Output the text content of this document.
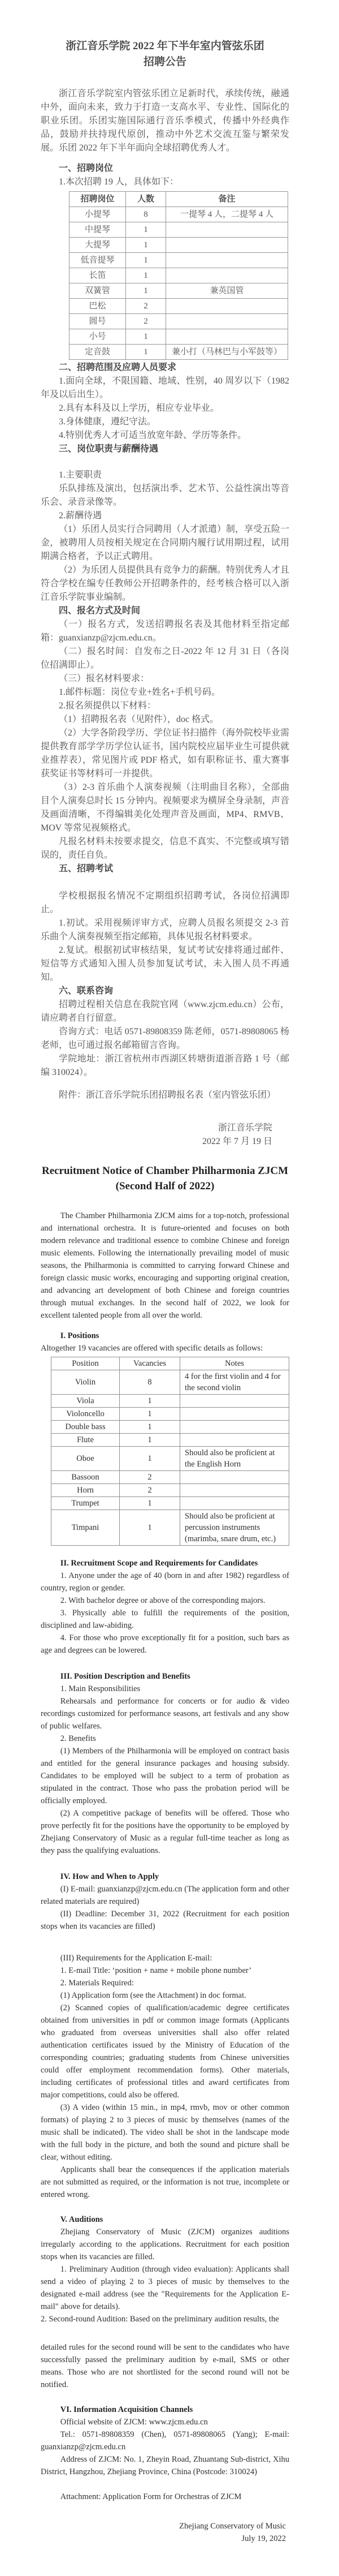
浙江音乐学院 2022 年下半年室内管弦乐团

招聘公告

浙江音乐学院室内管弦乐团立足新时代，承续传统，融通中外，面向未来，致力于打造一支高水平、专业性、国际化的职业乐团。乐团实施国际通行音乐季模式，传播中外经典作品，鼓励并扶持现代原创，推动中外艺术交流互鉴与繁荣发展。乐团 2022 年下半年面向全球招聘优秀人才。

一、招聘岗位

1.本次招聘 19 人，具体如下：

招聘岗位	人数	备注
小提琴	8	一提琴 4 人，二提琴 4 人
中提琴	1	
大提琴	1	
低音提琴	1	
长笛	1	
双簧管	1	兼英国管
巴松	2	
圆号	2	
小号	1	
定音鼓	1	兼小打（马林巴与小军鼓等）

二、招聘范围及应聘人员要求

1.面向全球，不限国籍、地域、性别，40 周岁以下（1982 年及以后出生）。

2.具有本科及以上学历，相应专业毕业。

3.身体健康，遵纪守法。

4.特别优秀人才可适当放宽年龄、学历等条件。

三、岗位职责与薪酬待遇

1.主要职责

乐队排练及演出，包括演出季、艺术节、公益性演出等音乐会、录音录像等。

2.薪酬待遇

（1）乐团人员实行合同聘用（人才派遣）制，享受五险一金，被聘用人员按相关规定在合同期内履行试用期过程，试用期满合格者，予以正式聘用。

（2）为乐团人员提供具有竞争力的薪酬。特别优秀人才且符合学校在编专任教师公开招聘条件的，经考核合格可以入浙江音乐学院事业编制。

四、报名方式及时间

（一）报名方式，发送招聘报名表及其他材料至指定邮箱：guanxianzp@zjcm.edu.cn。

（二）报名时间：自发布之日-2022 年 12 月 31 日（各岗位招满即止）。

（三）报名材料要求：

1.邮件标题：岗位专业+姓名+手机号码。

2.报名须提供以下材料：

（1）招聘报名表（见附件），doc 格式。

（2）大学各阶段学历、学位证书扫描件（海外院校毕业需提供教育部学学历学位认证书，国内院校应届毕业生可提供就业推荐表），常见图片或 PDF 格式，如有职称证书、重大赛事获奖证书等材料可一并提供。

（3）2-3 首乐曲个人演奏视频（注明曲目名称），全部曲目个人演奏总时长 15 分钟内。视频要求为横屏全身录制，声音及画面清晰，不得编辑美化处理声音及画面，MP4、RMVB、MOV 等常见视频格式。

凡报名材料未按要求提交，信息不真实、不完整或填写错误的，责任自负。

五、招聘考试

学校根据报名情况不定期组织招聘考试，各岗位招满即止。

1.初试。采用视频评审方式，应聘人员报名须提交 2-3 首乐曲个人演奏视频至指定邮箱，具体见报名材料要求。

2.复试。根据初试审核结果，复试考试安排将通过邮件、短信等方式通知入围人员参加复试考试，未入围人员不再通知。

六、联系咨询

招聘过程相关信息在我院官网（www.zjcm.edu.cn）公布，请应聘者自行留意。

咨询方式：电话 0571-89808359 陈老师，0571-89808065 杨老师，也可通过报名邮箱留言咨询。

学院地址：浙江省杭州市西湖区转塘街道浙音路 1 号（邮编 310024）。

附件：浙江音乐学院乐团招聘报名表（室内管弦乐团）

浙江音乐学院

2022 年 7 月 19 日

Recruitment Notice of Chamber Philharmonia ZJCM

(Second Half of 2022)

The Chamber Philharmonia ZJCM aims for a top-notch, professional and international orchestra. It is future-oriented and focuses on both modern relevance and traditional essence to combine Chinese and foreign music elements. Following the internationally prevailing model of music seasons, the Philharmonia is committed to carrying forward Chinese and foreign classic music works, encouraging and supporting original creation, and advancing art development of both Chinese and foreign countries through mutual exchanges. In the second half of 2022, we look for excellent talented people from all over the world.

I. Positions

Altogether 19 vacancies are offered with specific details as follows:

Position	Vacancies	Notes
Violin	8	4 for the first violin and 4 for the second violin
Viola	1	
Violoncello	1	
Double bass	1	
Flute	1	
Oboe	1	Should also be proficient at the English Horn
Bassoon	2	
Horn	2	
Trumpet	1	
Timpani	1	Should also be proficient at percussion instruments (marimba, snare drum, etc.)

II. Recruitment Scope and Requirements for Candidates

1. Anyone under the age of 40 (born in and after 1982) regardless of country, region or gender.

2. With bachelor degree or above of the corresponding majors.

3. Physically able to fulfill the requirements of the position, disciplined and law-abiding.

4. For those who prove exceptionally fit for a position, such bars as age and degrees can be lowered.

III. Position Description and Benefits

1. Main Responsibilities

Rehearsals and performance for concerts or for audio & video recordings customized for performance seasons, art festivals and any show of public welfares.

2. Benefits

(1) Members of the Philharmonia will be employed on contract basis and entitled for the general insurance packages and housing subsidy. Candidates to be employed will be subject to a term of probation as stipulated in the contract. Those who pass the probation period will be officially employed.

(2) A competitive package of benefits will be offered. Those who prove perfectly fit for the positions have the opportunity to be employed by Zhejiang Conservatory of Music as a regular full-time teacher as long as they pass the qualifying evaluations.

IV. How and When to Apply

(I) E-mail: guanxianzp@zjcm.edu.cn (The application form and other related materials are required)

(II) Deadline: December 31, 2022 (Recruitment for each position stops when its vacancies are filled)

(III) Requirements for the Application E-mail:

1. E-mail Title: ‘position + name + mobile phone number’

2. Materials Required:

(1) Application form (see the Attachment) in doc format.

(2) Scanned copies of qualification/academic degree certificates obtained from universities in pdf or common image formats (Applicants who graduated from overseas universities shall also offer related authentication certificates issued by the Ministry of Education of the corresponding countries; graduating students from Chinese universities could offer employment recommendation forms). Other materials, including certificates of professional titles and award certificates from major competitions, could also be offered.

(3) A video (within 15 min., in mp4, rmvb, mov or other common formats) of playing 2 to 3 pieces of music by themselves (names of the music shall be indicated). The video shall be shot in the landscape mode with the full body in the picture, and both the sound and picture shall be clear, without editing.

Applicants shall bear the consequences if the application materials are not submitted as required, or the information is not true, incomplete or entered wrong.

V. Auditions

Zhejiang Conservatory of Music (ZJCM) organizes auditions irregularly according to the applications. Recruitment for each position stops when its vacancies are filled.

1. Preliminary Audition (through video evaluation): Applicants shall send a video of playing 2 to 3 pieces of music by themselves to the designated e-mail address (see the "Requirements for the Application E-mail" above for details).

2. Second-round Audition: Based on the preliminary audition results, the

detailed rules for the second round will be sent to the candidates who have successfully passed the preliminary audition by e-mail, SMS or other means. Those who are not shortlisted for the second round will not be notified.

VI. Information Acquisition Channels

Official website of ZJCM: www.zjcm.edu.cn

Tel.: 0571-89808359 (Chen), 0571-89808065 (Yang); E-mail: guanxianzp@zjcm.edu.cn

Address of ZJCM: No. 1, Zheyin Road, Zhuantang Sub-district, Xihu District, Hangzhou, Zhejiang Province, China (Postcode: 310024)

Attachment: Application Form for Orchestras of ZJCM

Zhejiang Conservatory of Music

July 19, 2022
